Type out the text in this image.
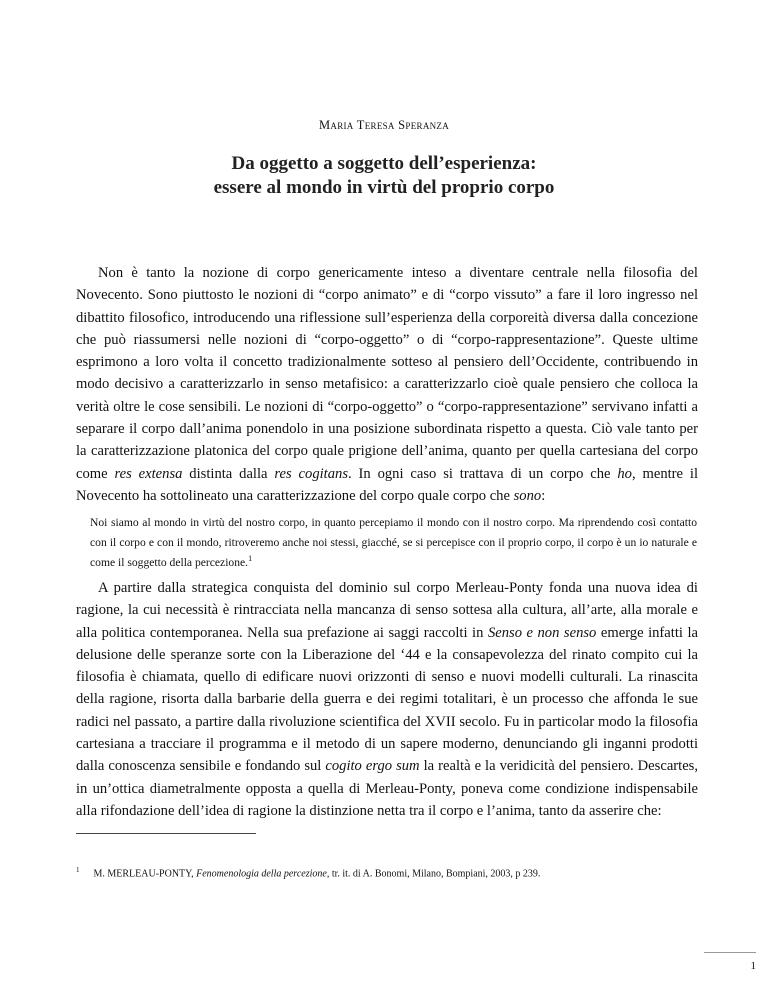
Maria Teresa Speranza
Da oggetto a soggetto dell’esperienza:
essere al mondo in virtù del proprio corpo
Non è tanto la nozione di corpo genericamente inteso a diventare centrale nella filosofia del Novecento. Sono piuttosto le nozioni di “corpo animato” e di “corpo vissuto” a fare il loro ingresso nel dibattito filosofico, introducendo una riflessione sull’esperienza della corporeità diversa dalla concezione che può riassumersi nelle nozioni di “corpo-oggetto” o di “corpo-rappresentazione”. Queste ultime esprimono a loro volta il concetto tradizionalmente sotteso al pensiero dell’Occidente, contribuendo in modo decisivo a caratterizzarlo in senso metafisico: a caratterizzarlo cioè quale pensiero che colloca la verità oltre le cose sensibili. Le nozioni di “corpo-oggetto” o “corpo-rappresentazione” servivano infatti a separare il corpo dall’anima ponendolo in una posizione subordinata rispetto a questa. Ciò vale tanto per la caratterizzazione platonica del corpo quale prigione dell’anima, quanto per quella cartesiana del corpo come res extensa distinta dalla res cogitans. In ogni caso si trattava di un corpo che ho, mentre il Novecento ha sottolineato una caratterizzazione del corpo quale corpo che sono:
Noi siamo al mondo in virtù del nostro corpo, in quanto percepiamo il mondo con il nostro corpo. Ma riprendendo così contatto con il corpo e con il mondo, ritroveremo anche noi stessi, giacché, se si percepisce con il proprio corpo, il corpo è un io naturale e come il soggetto della percezione.$^1$
A partire dalla strategica conquista del dominio sul corpo Merleau-Ponty fonda una nuova idea di ragione, la cui necessità è rintracciata nella mancanza di senso sottesa alla cultura, all’arte, alla morale e alla politica contemporanea. Nella sua prefazione ai saggi raccolti in Senso e non senso emerge infatti la delusione delle speranze sorte con la Liberazione del ‘44 e la consapevolezza del rinato compito cui la filosofia è chiamata, quello di edificare nuovi orizzonti di senso e nuovi modelli culturali. La rinascita della ragione, risorta dalla barbarie della guerra e dei regimi totalitari, è un processo che affonda le sue radici nel passato, a partire dalla rivoluzione scientifica del XVII secolo. Fu in particolar modo la filosofia cartesiana a tracciare il programma e il metodo di un sapere moderno, denunciando gli inganni prodotti dalla conoscenza sensibile e fondando sul cogito ergo sum la realtà e la veridicità del pensiero. Descartes, in un’ottica diametralmente opposta a quella di Merleau-Ponty, poneva come condizione indispensabile alla rifondazione dell’idea di ragione la distinzione netta tra il corpo e l’anima, tanto da asserire che:
$^1$ M. MERLEAU-PONTY, Fenomenologia della percezione, tr. it. di A. Bonomi, Milano, Bompiani, 2003, p 239.
1
